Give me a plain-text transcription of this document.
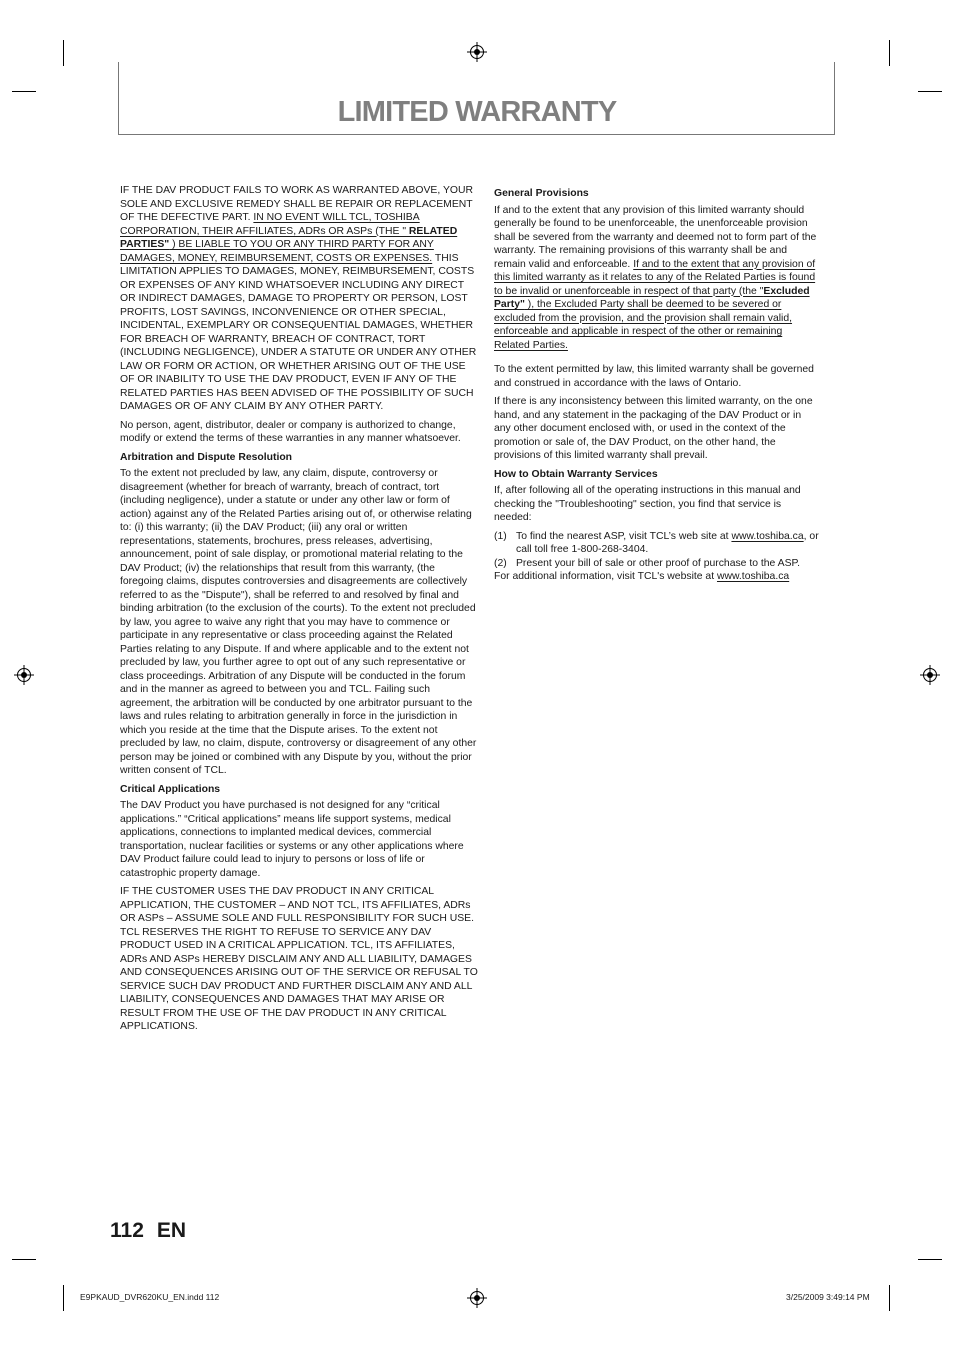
LIMITED WARRANTY

IF THE DAV PRODUCT FAILS TO WORK AS WARRANTED ABOVE, YOUR SOLE AND EXCLUSIVE REMEDY SHALL BE REPAIR OR REPLACEMENT OF THE DEFECTIVE PART. IN NO EVENT WILL TCL, TOSHIBA CORPORATION, THEIR AFFILIATES, ADRs OR ASPs (THE " RELATED PARTIES" ) BE LIABLE TO YOU OR ANY THIRD PARTY FOR ANY DAMAGES, MONEY, REIMBURSEMENT, COSTS OR EXPENSES. THIS LIMITATION APPLIES TO DAMAGES, MONEY, REIMBURSEMENT, COSTS OR EXPENSES OF ANY KIND WHATSOEVER INCLUDING ANY DIRECT OR INDIRECT DAMAGES, DAMAGE TO PROPERTY OR PERSON, LOST PROFITS, LOST SAVINGS, INCONVENIENCE OR OTHER SPECIAL, INCIDENTAL, EXEMPLARY OR CONSEQUENTIAL DAMAGES, WHETHER FOR BREACH OF WARRANTY, BREACH OF CONTRACT, TORT (INCLUDING NEGLIGENCE), UNDER A STATUTE OR UNDER ANY OTHER LAW OR FORM OR ACTION, OR WHETHER ARISING OUT OF THE USE OF OR INABILITY TO USE THE DAV PRODUCT, EVEN IF ANY OF THE RELATED PARTIES HAS BEEN ADVISED OF THE POSSIBILITY OF SUCH DAMAGES OR OF ANY CLAIM BY ANY OTHER PARTY.

No person, agent, distributor, dealer or company is authorized to change, modify or extend the terms of these warranties in any manner whatsoever.

Arbitration and Dispute Resolution

To the extent not precluded by law, any claim, dispute, controversy or disagreement (whether for breach of warranty, breach of contract, tort (including negligence), under a statute or under any other law or form of action) against any of the Related Parties arising out of, or otherwise relating to: (i) this warranty; (ii) the DAV Product; (iii) any oral or written representations, statements, brochures, press releases, advertising, announcement, point of sale display, or promotional material relating to the DAV Product; (iv) the relationships that result from this warranty, (the foregoing claims, disputes controversies and disagreements are collectively referred to as the "Dispute"), shall be referred to and resolved by final and binding arbitration (to the exclusion of the courts). To the extent not precluded by law, you agree to waive any right that you may have to commence or participate in any representative or class proceeding against the Related Parties relating to any Dispute. If and where applicable and to the extent not precluded by law, you further agree to opt out of any such representative or class proceedings. Arbitration of any Dispute will be conducted in the forum and in the manner as agreed to between you and TCL. Failing such agreement, the arbitration will be conducted by one arbitrator pursuant to the laws and rules relating to arbitration generally in force in the jurisdiction in which you reside at the time that the Dispute arises. To the extent not precluded by law, no claim, dispute, controversy or disagreement of any other person may be joined or combined with any Dispute by you, without the prior written consent of TCL.

Critical Applications

The DAV Product you have purchased is not designed for any “critical applications.” “Critical applications” means life support systems, medical applications, connections to implanted medical devices, commercial transportation, nuclear facilities or systems or any other applications where DAV Product failure could lead to injury to persons or loss of life or catastrophic property damage.

IF THE CUSTOMER USES THE DAV PRODUCT IN ANY CRITICAL APPLICATION, THE CUSTOMER – AND NOT TCL, ITS AFFILIATES, ADRs OR ASPs – ASSUME SOLE AND FULL RESPONSIBILITY FOR SUCH USE. TCL RESERVES THE RIGHT TO REFUSE TO SERVICE ANY DAV PRODUCT USED IN A CRITICAL APPLICATION. TCL, ITS AFFILIATES, ADRs AND ASPs HEREBY DISCLAIM ANY AND ALL LIABILITY, DAMAGES AND CONSEQUENCES ARISING OUT OF THE SERVICE OR REFUSAL TO SERVICE SUCH DAV PRODUCT AND FURTHER DISCLAIM ANY AND ALL LIABILITY, CONSEQUENCES AND DAMAGES THAT MAY ARISE OR RESULT FROM THE USE OF THE DAV PRODUCT IN ANY CRITICAL APPLICATIONS.

General Provisions

If and to the extent that any provision of this limited warranty should generally be found to be unenforceable, the unenforceable provision shall be severed from the warranty and deemed not to form part of the warranty. The remaining provisions of this warranty shall be and remain valid and enforceable. If and to the extent that any provision of this limited warranty as it relates to any of the Related Parties is found to be invalid or unenforceable in respect of that party (the "Excluded Party" ), the Excluded Party shall be deemed to be severed or excluded from the provision, and the provision shall remain valid, enforceable and applicable in respect of the other or remaining Related Parties.

To the extent permitted by law, this limited warranty shall be governed and construed in accordance with the laws of Ontario.

If there is any inconsistency between this limited warranty, on the one hand, and any statement in the packaging of the DAV Product or in any other document enclosed with, or used in the context of the promotion or sale of, the DAV Product, on the other hand, the provisions of this limited warranty shall prevail.

How to Obtain Warranty Services

If, after following all of the operating instructions in this manual and checking the "Troubleshooting" section, you find that service is needed:

(1) To find the nearest ASP, visit TCL’s web site at www.toshiba.ca, or call toll free 1-800-268-3404.
(2) Present your bill of sale or other proof of purchase to the ASP.

For additional information, visit TCL's website at www.toshiba.ca

112 EN
E9PKAUD_DVR620KU_EN.indd 112	3/25/2009 3:49:14 PM
